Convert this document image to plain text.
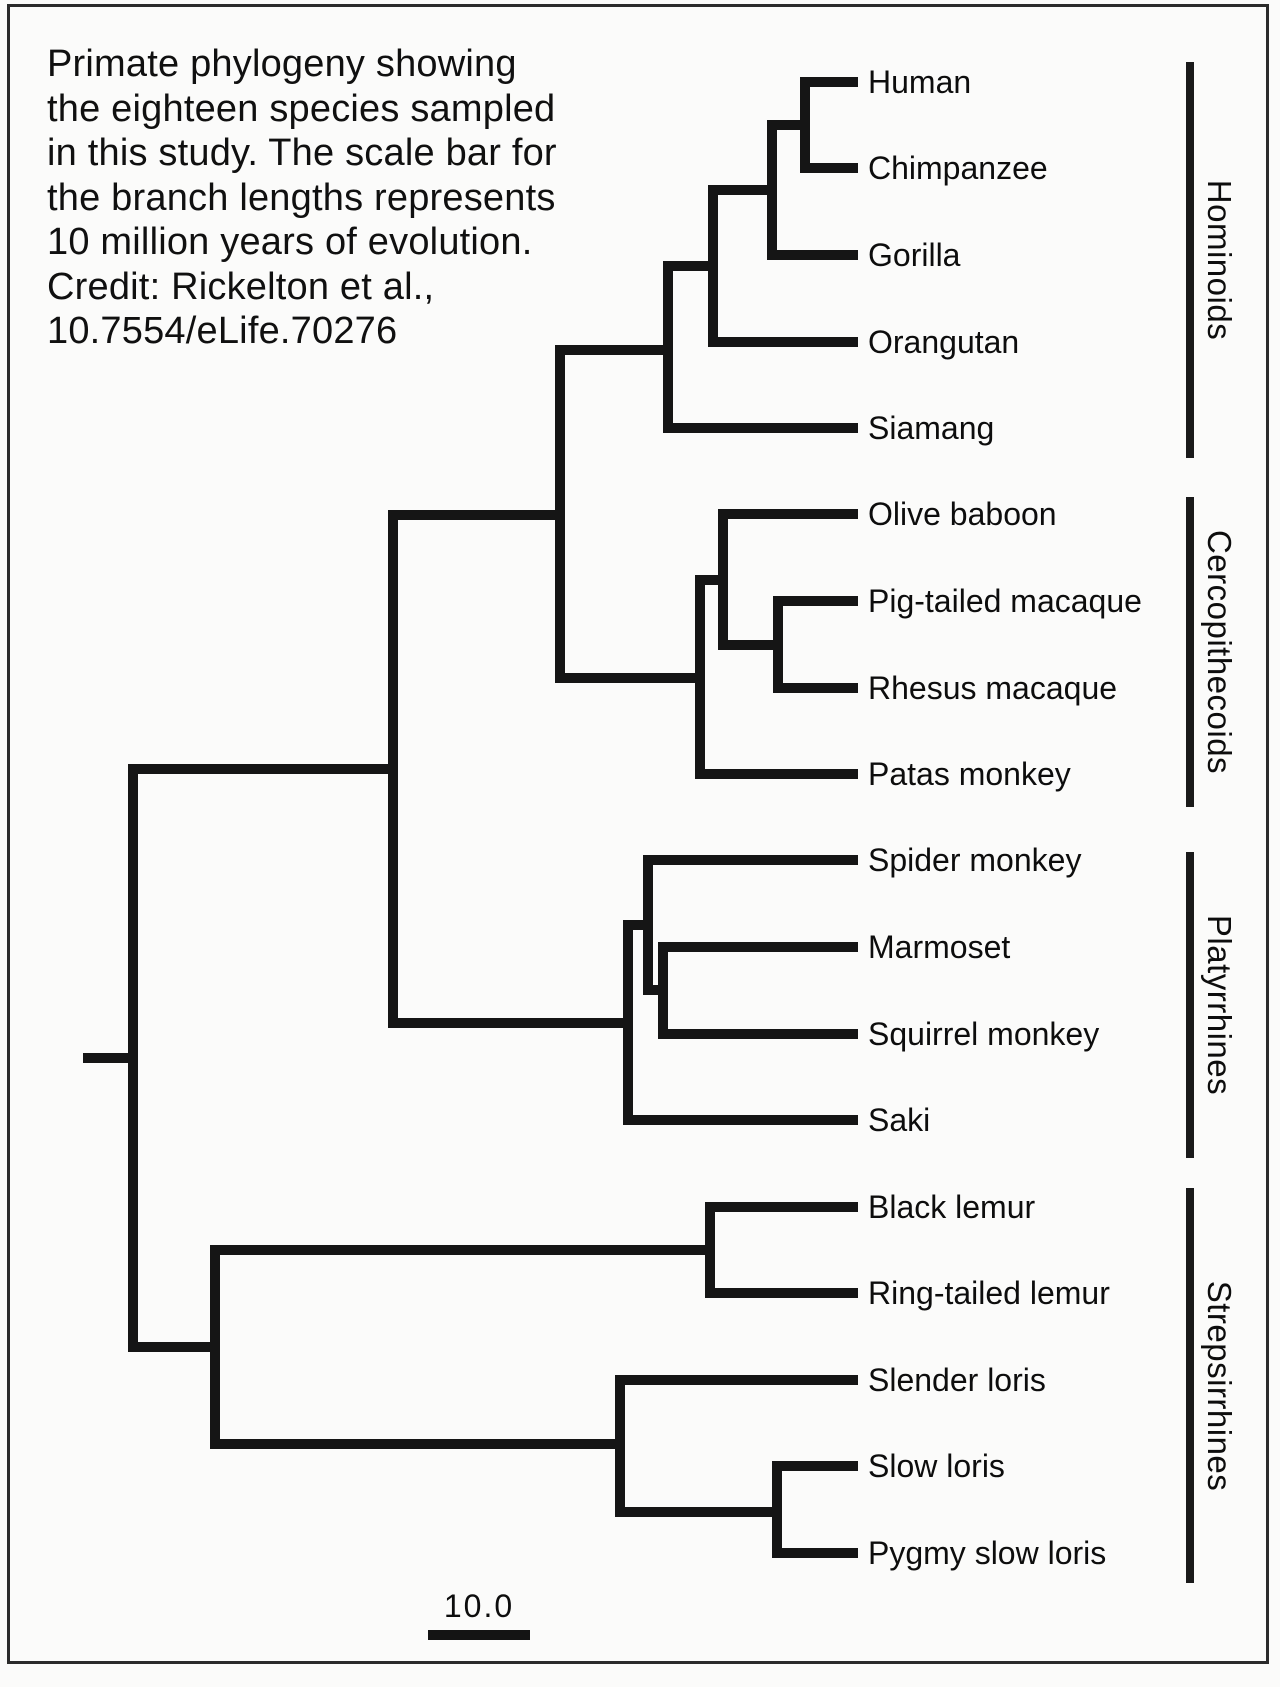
Primate phylogeny showing
the eighteen species sampled
in this study. The scale bar for
the branch lengths represents
10 million years of evolution.
Credit: Rickelton et al.,
10.7554/eLife.70276
Human
Chimpanzee
Gorilla
Orangutan
Siamang
Olive baboon
Pig-tailed macaque
Rhesus macaque
Patas monkey
Spider monkey
Marmoset
Squirrel monkey
Saki
Black lemur
Ring-tailed lemur
Slender loris
Slow loris
Pygmy slow loris
Hominoids
Cercopithecoids
Platyrrhines
Strepsirrhines
10.0
